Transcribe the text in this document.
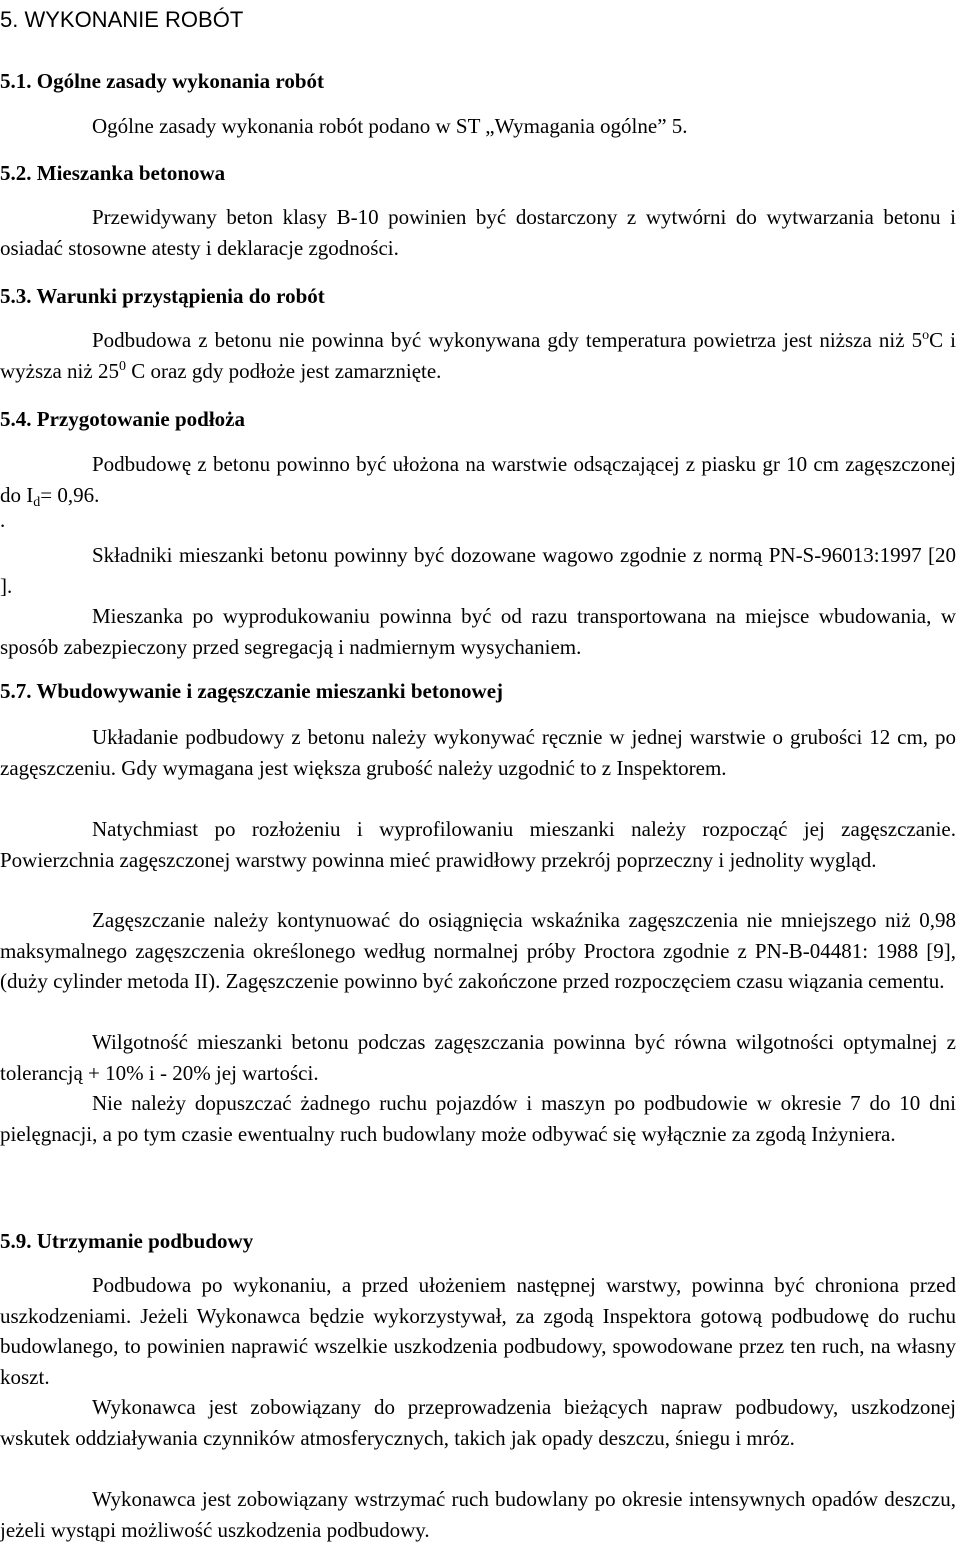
5. WYKONANIE ROBÓT
5.1. Ogólne zasady wykonania robót
Ogólne zasady wykonania robót podano w ST „Wymagania ogólne” 5.
5.2. Mieszanka betonowa

Przewidywany beton klasy B-10 powinien być dostarczony z wytwórni do wytwarzania betonu i osiadać stosowne atesty i deklaracje zgodności.

5.3. Warunki przystąpienia do robót

Podbudowa z betonu nie powinna być wykonywana gdy temperatura powietrza jest niższa niż 5$^o$C i wyższa niż $25^0$ C oraz gdy podłoże jest zamarznięte.

5.4. Przygotowanie podłoża

Podbudowę z betonu powinno być ułożona na warstwie odsączającej z piasku gr 10 cm zagęszczonej do Id= 0,96.

.

Składniki mieszanki betonu powinny być dozowane wagowo zgodnie z normą PN-S-96013:1997 [20 ].

Mieszanka po wyprodukowaniu powinna być od razu transportowana na miejsce wbudowania, w sposób zabezpieczony przed segregacją i nadmiernym wysychaniem.

5.7. Wbudowywanie i zagęszczanie mieszanki betonowej

Układanie podbudowy z betonu należy wykonywać ręcznie w jednej warstwie o grubości 12 cm, po zagęszczeniu. Gdy wymagana jest większa grubość należy uzgodnić to z Inspektorem.

Natychmiast po rozłożeniu i wyprofilowaniu mieszanki należy rozpocząć jej zagęszczanie. Powierzchnia zagęszczonej warstwy powinna mieć prawidłowy przekrój poprzeczny i jednolity wygląd.

Zagęszczanie należy kontynuować do osiągnięcia wskaźnika zagęszczenia nie mniejszego niż 0,98 maksymalnego zagęszczenia określonego według normalnej próby Proctora zgodnie z PN-B-04481: 1988 [9], (duży cylinder metoda II). Zagęszczenie powinno być zakończone przed rozpoczęciem czasu wiązania cementu.

Wilgotność mieszanki betonu podczas zagęszczania powinna być równa wilgotności optymalnej z tolerancją + 10% i - 20% jej wartości.

Nie należy dopuszczać żadnego ruchu pojazdów i maszyn po podbudowie w okresie 7 do 10 dni pielęgnacji, a po tym czasie ewentualny ruch budowlany może odbywać się wyłącznie za zgodą Inżyniera.

5.9. Utrzymanie podbudowy

Podbudowa po wykonaniu, a przed ułożeniem następnej warstwy, powinna być chroniona przed uszkodzeniami. Jeżeli Wykonawca będzie wykorzystywał, za zgodą Inspektora gotową podbudowę do ruchu budowlanego, to powinien naprawić wszelkie uszkodzenia podbudowy, spowodowane przez ten ruch, na własny koszt.

Wykonawca jest zobowiązany do przeprowadzenia bieżących napraw podbudowy, uszkodzonej wskutek oddziaływania czynników atmosferycznych, takich jak opady deszczu, śniegu i mróz.

Wykonawca jest zobowiązany wstrzymać ruch budowlany po okresie intensywnych opadów deszczu, jeżeli wystąpi możliwość uszkodzenia podbudowy.
